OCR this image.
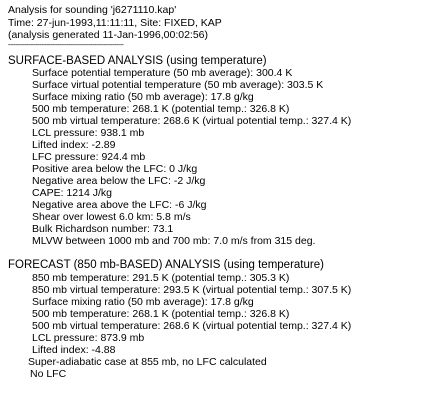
Analysis for sounding 'j6271110.kap'
Time: 27-jun-1993,11:11:11, Site: FIXED, KAP
(analysis generated 11-Jan-1996,00:02:56)
---------------------------------------------------------------
SURFACE-BASED ANALYSIS (using temperature)
Surface potential temperature (50 mb average): 300.4 K
Surface virtual potential temperature (50 mb average): 303.5 K
Surface mixing ratio (50 mb average): 17.8 g/kg
500 mb temperature: 268.1 K (potential temp.: 326.8 K)
500 mb virtual temperature: 268.6 K (virtual potential temp.: 327.4 K)
LCL pressure: 938.1 mb
Lifted index: -2.89
LFC pressure: 924.4 mb
Positive area below the LFC: 0 J/kg
Negative area below the LFC: -2 J/kg
CAPE: 1214 J/kg
Negative area above the LFC: -6 J/kg
Shear over lowest 6.0 km: 5.8 m/s
Bulk Richardson number: 73.1
MLVW between 1000 mb and 700 mb: 7.0 m/s from 315 deg.
FORECAST (850 mb-BASED) ANALYSIS (using temperature)
850 mb temperature: 291.5 K (potential temp.: 305.3 K)
850 mb virtual temperature: 293.5 K (virtual potential temp.: 307.5 K)
Surface mixing ratio (50 mb average): 17.8 g/kg
500 mb temperature: 268.1 K (potential temp.: 326.8 K)
500 mb virtual temperature: 268.6 K (virtual potential temp.: 327.4 K)
LCL pressure: 873.9 mb
Lifted index: -4.88
Super-adiabatic case at 855 mb, no LFC calculated
No LFC
